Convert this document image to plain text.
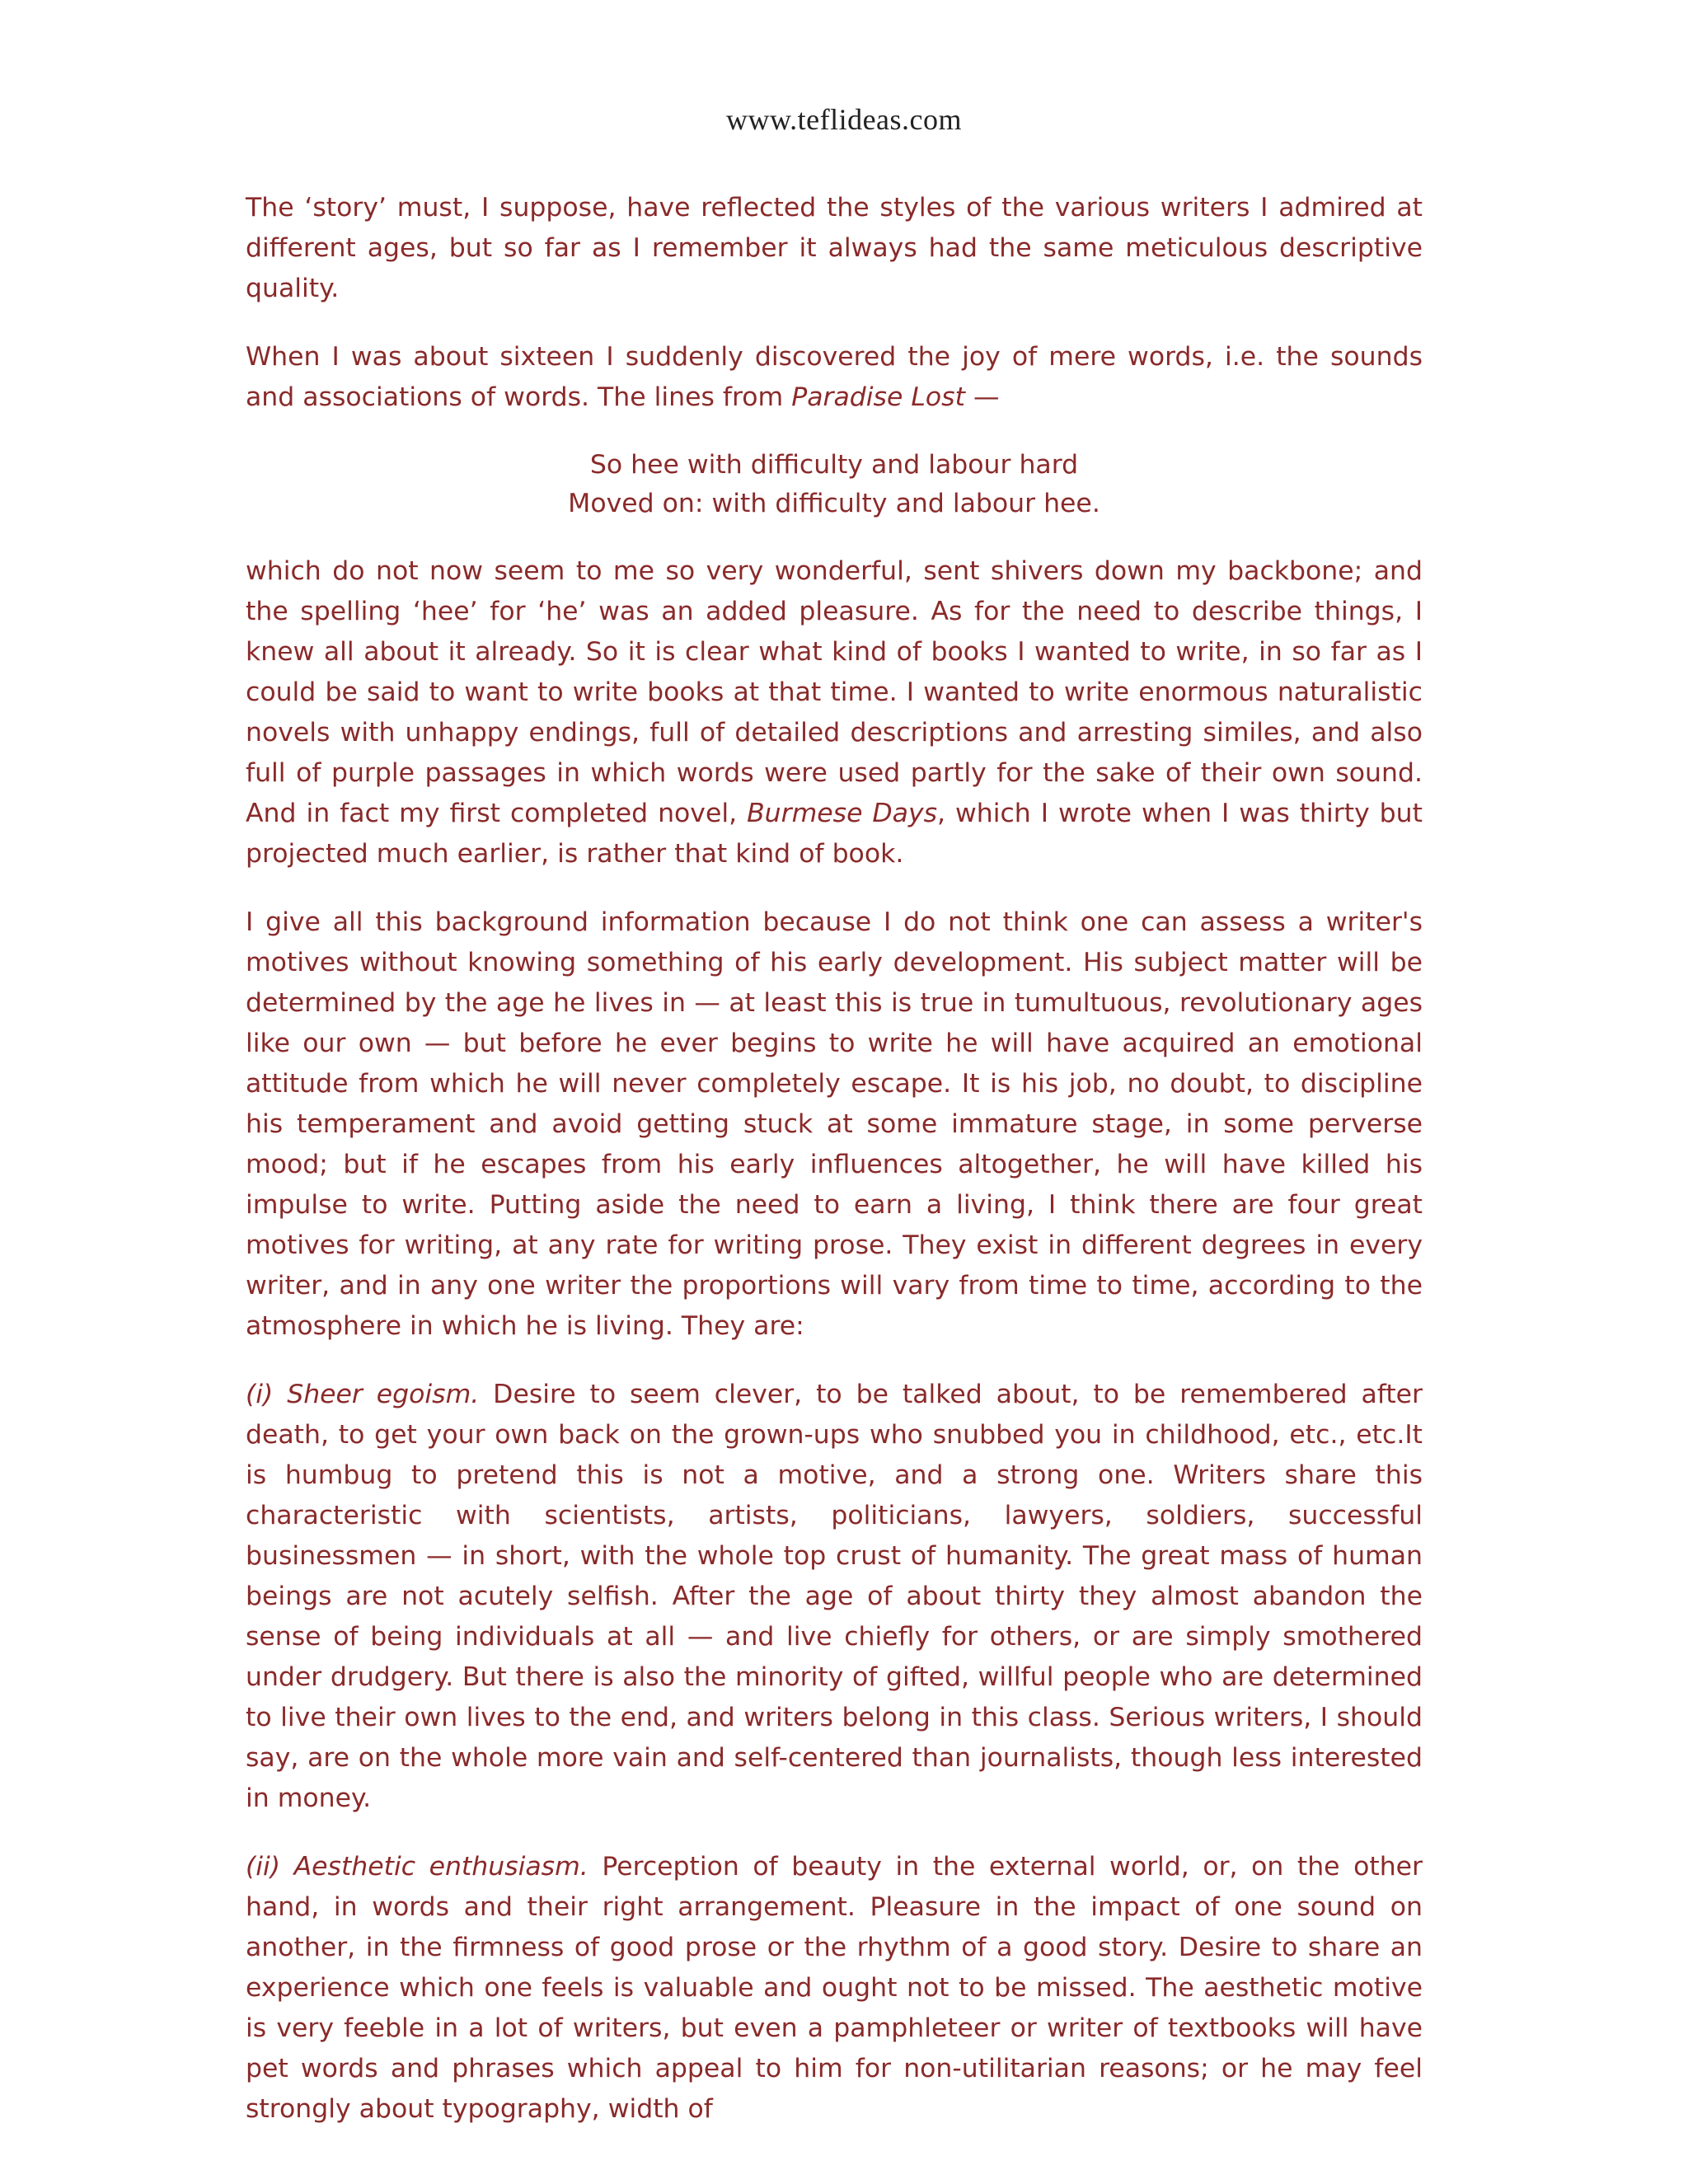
www.teflideas.com

The ‘story’ must, I suppose, have reflected the styles of the various writers I admired at different ages, but so far as I remember it always had the same meticulous descriptive quality.

When I was about sixteen I suddenly discovered the joy of mere words, i.e. the sounds and associations of words. The lines from Paradise Lost —

So hee with difficulty and labour hard
Moved on: with difficulty and labour hee.

which do not now seem to me so very wonderful, sent shivers down my backbone; and the spelling ‘hee’ for ‘he’ was an added pleasure. As for the need to describe things, I knew all about it already. So it is clear what kind of books I wanted to write, in so far as I could be said to want to write books at that time. I wanted to write enormous naturalistic novels with unhappy endings, full of detailed descriptions and arresting similes, and also full of purple passages in which words were used partly for the sake of their own sound. And in fact my first completed novel, Burmese Days, which I wrote when I was thirty but projected much earlier, is rather that kind of book.

I give all this background information because I do not think one can assess a writer's motives without knowing something of his early development. His subject matter will be determined by the age he lives in — at least this is true in tumultuous, revolutionary ages like our own — but before he ever begins to write he will have acquired an emotional attitude from which he will never completely escape. It is his job, no doubt, to discipline his temperament and avoid getting stuck at some immature stage, in some perverse mood; but if he escapes from his early influences altogether, he will have killed his impulse to write. Putting aside the need to earn a living, I think there are four great motives for writing, at any rate for writing prose. They exist in different degrees in every writer, and in any one writer the proportions will vary from time to time, according to the atmosphere in which he is living. They are:

(i) Sheer egoism. Desire to seem clever, to be talked about, to be remembered after death, to get your own back on the grown-ups who snubbed you in childhood, etc., etc.It is humbug to pretend this is not a motive, and a strong one. Writers share this characteristic with scientists, artists, politicians, lawyers, soldiers, successful businessmen — in short, with the whole top crust of humanity. The great mass of human beings are not acutely selfish. After the age of about thirty they almost abandon the sense of being individuals at all — and live chiefly for others, or are simply smothered under drudgery. But there is also the minority of gifted, willful people who are determined to live their own lives to the end, and writers belong in this class. Serious writers, I should say, are on the whole more vain and self-centered than journalists, though less interested in money.

(ii) Aesthetic enthusiasm. Perception of beauty in the external world, or, on the other hand, in words and their right arrangement. Pleasure in the impact of one sound on another, in the firmness of good prose or the rhythm of a good story. Desire to share an experience which one feels is valuable and ought not to be missed. The aesthetic motive is very feeble in a lot of writers, but even a pamphleteer or writer of textbooks will have pet words and phrases which appeal to him for non-utilitarian reasons; or he may feel strongly about typography, width of
